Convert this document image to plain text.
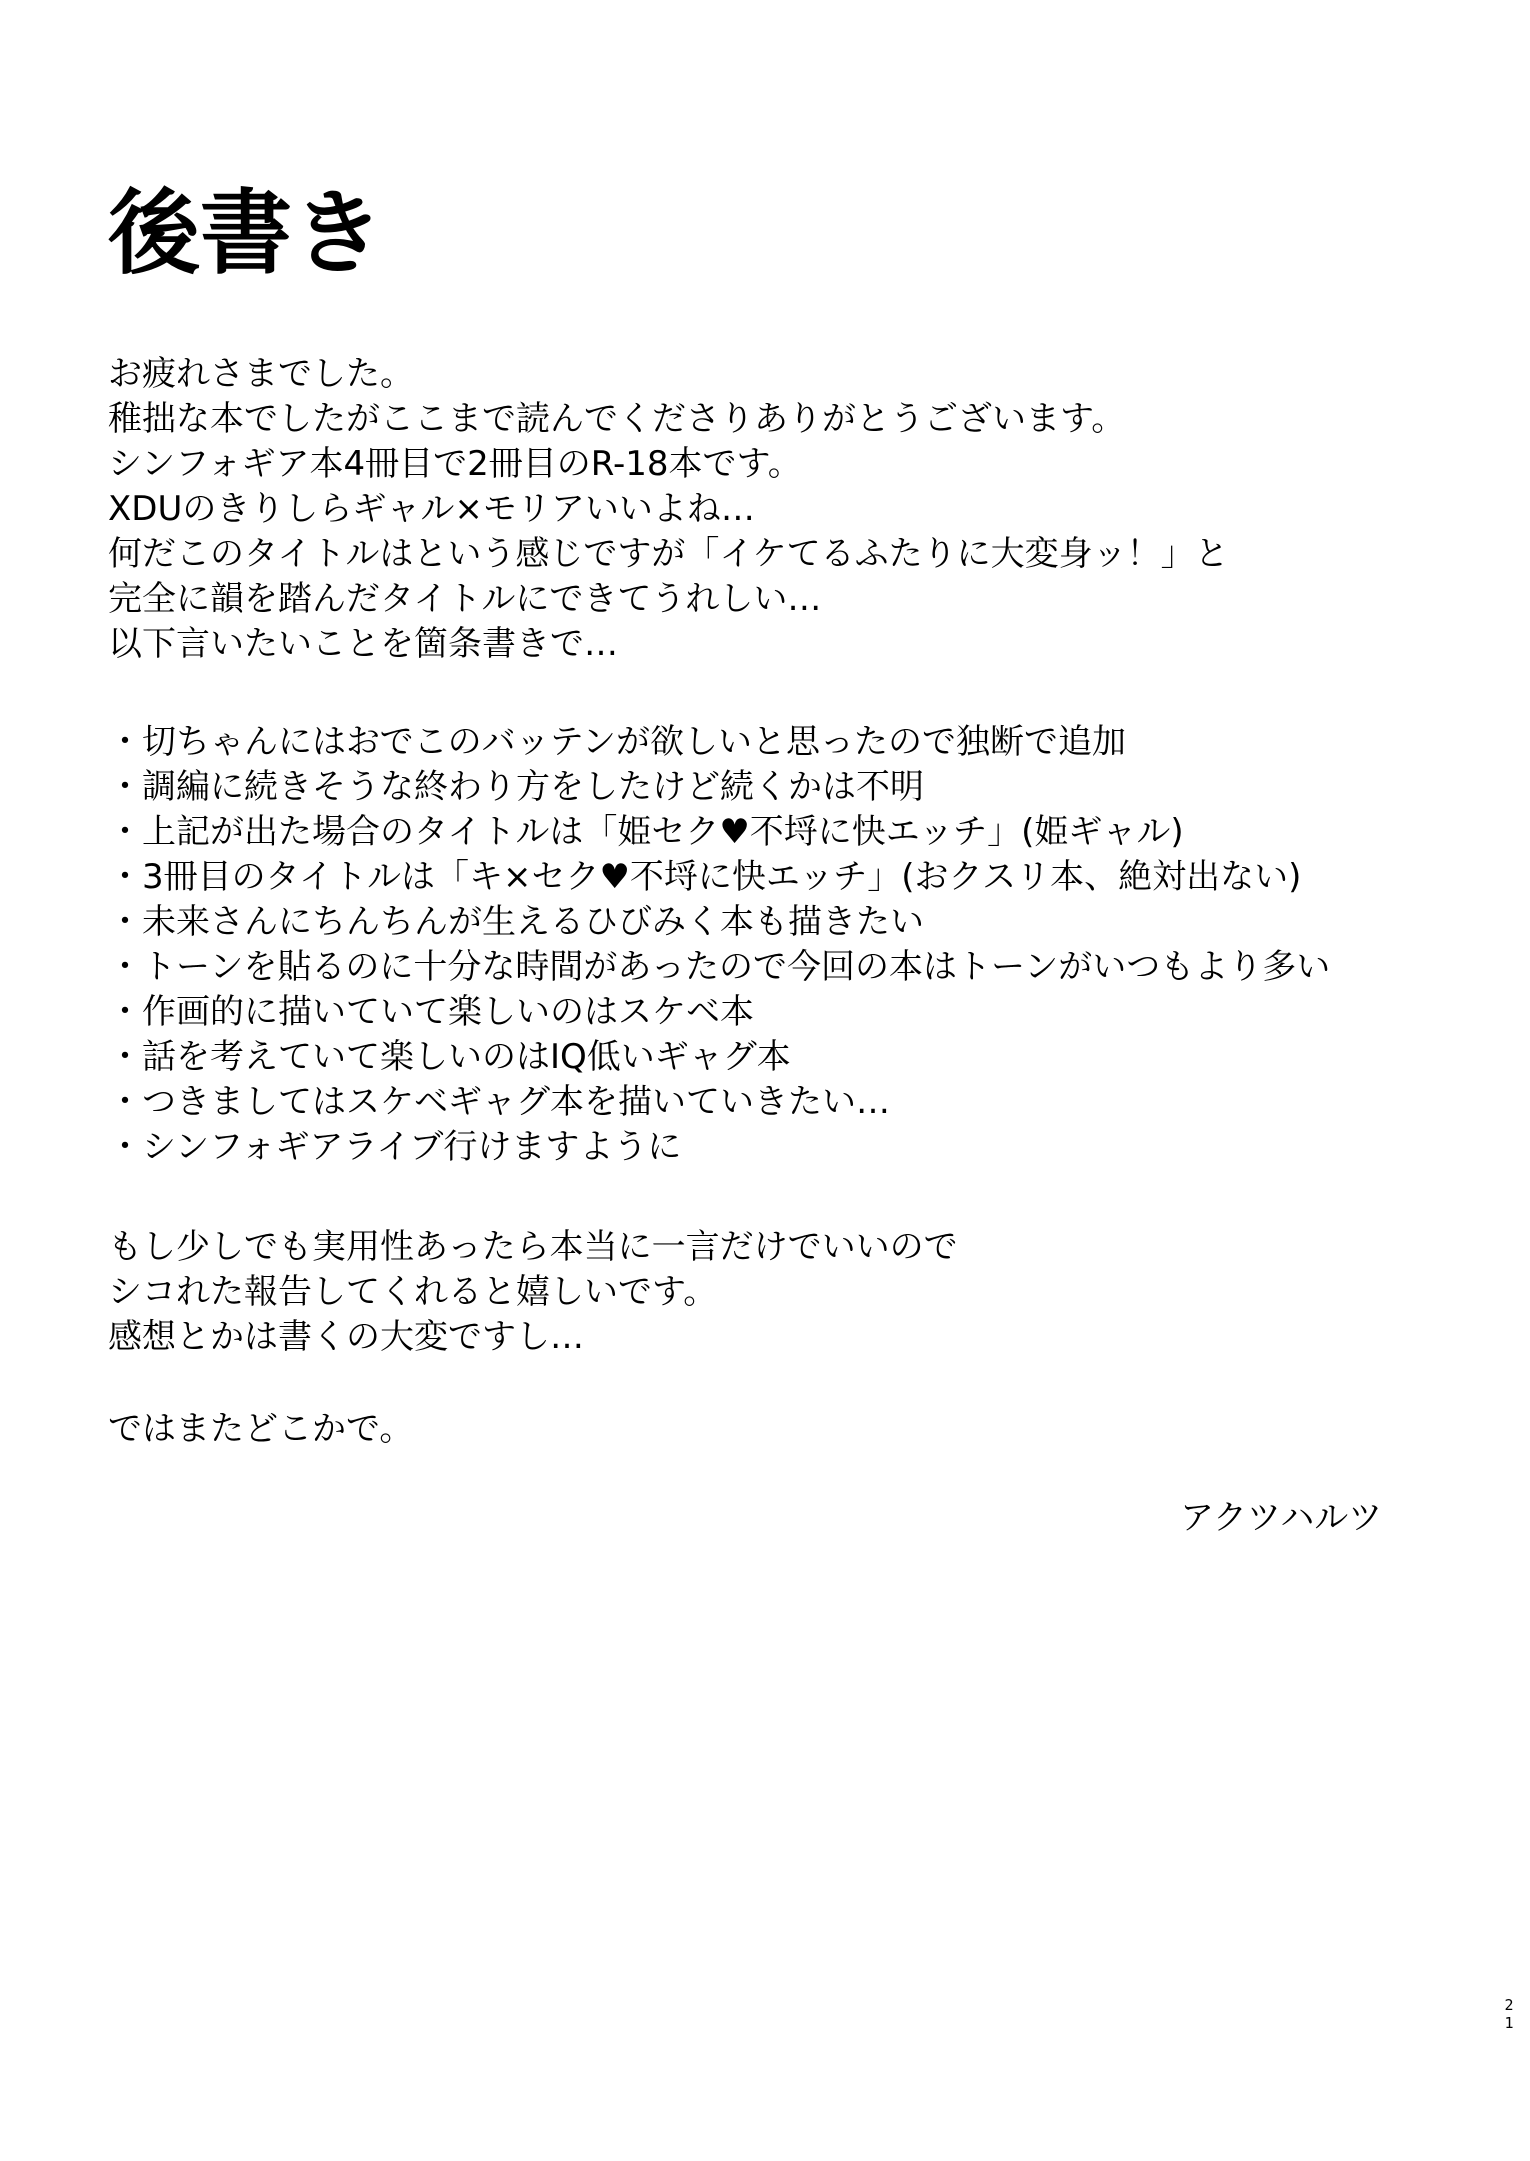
後書き
お疲れさまでした。
稚拙な本でしたがここまで読んでくださりありがとうございます。
シンフォギア本4冊目で2冊目のR-18本です。
XDUのきりしらギャル×モリアいいよね…
何だこのタイトルはという感じですが「イケてるふたりに大変身ッ！」と
完全に韻を踏んだタイトルにできてうれしい…
以下言いたいことを箇条書きで…
・切ちゃんにはおでこのバッテンが欲しいと思ったので独断で追加
・調編に続きそうな終わり方をしたけど続くかは不明
・上記が出た場合のタイトルは「姫セク♥不埒に快エッチ」(姫ギャル)
・3冊目のタイトルは「キ×セク♥不埒に快エッチ」(おクスリ本、絶対出ない)
・未来さんにちんちんが生えるひびみく本も描きたい
・トーンを貼るのに十分な時間があったので今回の本はトーンがいつもより多い
・作画的に描いていて楽しいのはスケベ本
・話を考えていて楽しいのはIQ低いギャグ本
・つきましてはスケベギャグ本を描いていきたい…
・シンフォギアライブ行けますように
もし少しでも実用性あったら本当に一言だけでいいので
シコれた報告してくれると嬉しいです。
感想とかは書くの大変ですし…
ではまたどこかで。
アクツハルツ
2
1
